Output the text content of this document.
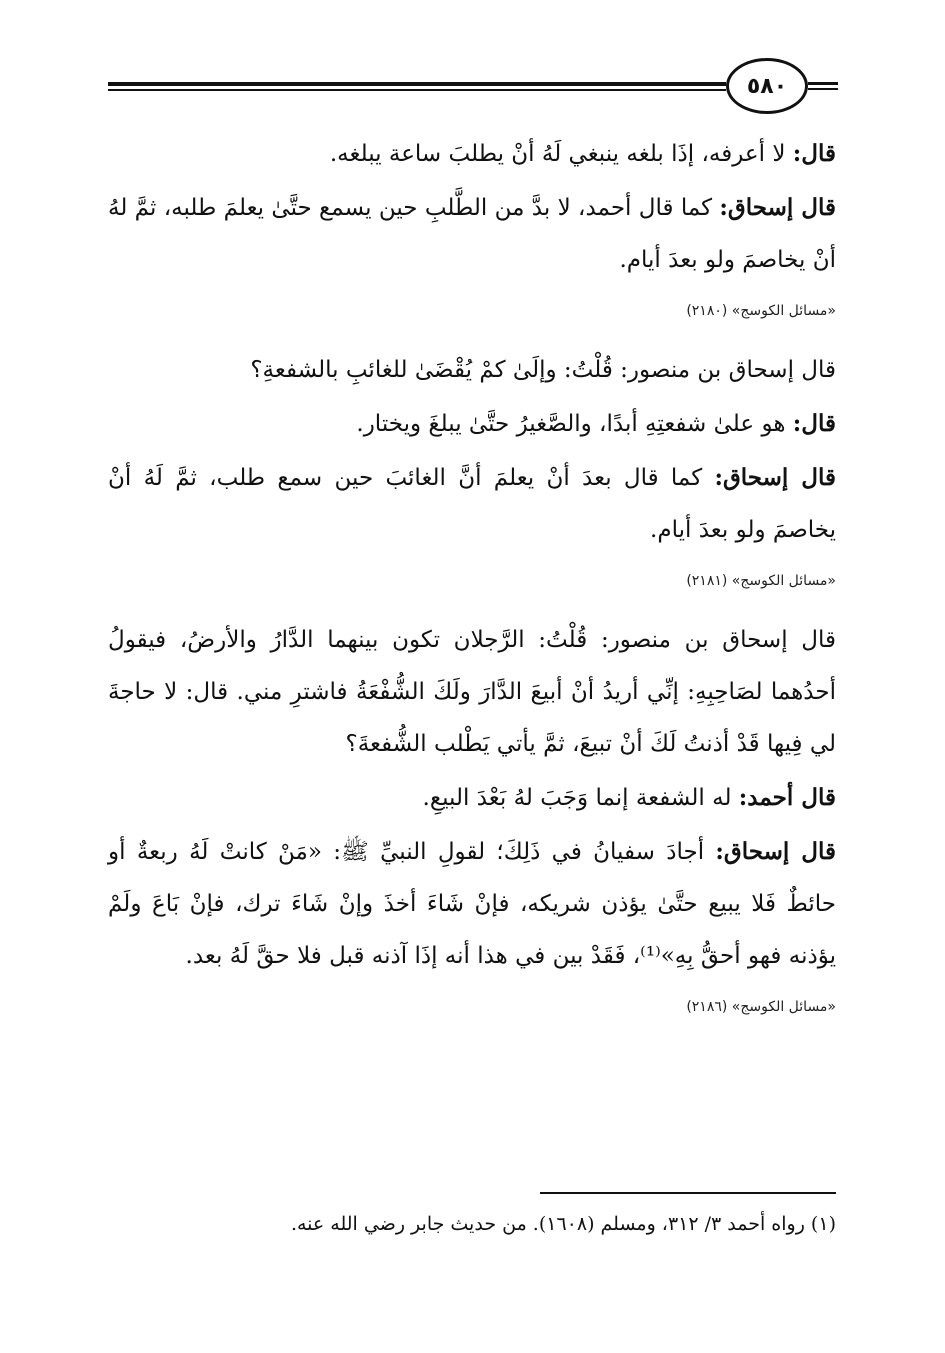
٥٨٠

قال: لا أعرفه، إذَا بلغه ينبغي لَهُ أنْ يطلبَ ساعة يبلغه.

قال إسحاق: كما قال أحمد، لا بدَّ من الطَّلبِ حين يسمع حتَّىٰ يعلمَ طلبه، ثمَّ لهُ أنْ يخاصمَ ولو بعدَ أيام.

«مسائل الكوسج» (٢١٨٠)

قال إسحاق بن منصور: قُلْتُ: وإلَىٰ كمْ يُقْضَىٰ للغائبِ بالشفعةِ؟

قال: هو علىٰ شفعتِهِ أبدًا، والصَّغيرُ حتَّىٰ يبلغَ ويختار.

قال إسحاق: كما قال بعدَ أنْ يعلمَ أنَّ الغائبَ حين سمع طلب، ثمَّ لَهُ أنْ يخاصمَ ولو بعدَ أيام.

«مسائل الكوسج» (٢١٨١)

قال إسحاق بن منصور: قُلْتُ: الرَّجلان تكون بينهما الدَّارُ والأرضُ، فيقولُ أحدُهما لصَاحِبِهِ: إنِّي أريدُ أنْ أبيعَ الدَّارَ ولَكَ الشُّفْعَةُ فاشترِ مني. قال: لا حاجةَ لي فِيها قَدْ أذنتُ لَكَ أنْ تبيعَ، ثمَّ يأتي يَطْلب الشُّفعةَ؟

قال أحمد: له الشفعة إنما وَجَبَ لهُ بَعْدَ البيعِ.

قال إسحاق: أجادَ سفيانُ في ذَلِكَ؛ لقولِ النبيِّ ﷺ: «مَنْ كانتْ لَهُ ربعةٌ أو حائطٌ فَلا يبيع حتَّىٰ يؤذن شريكه، فإنْ شَاءَ أخذَ وإنْ شَاءَ ترك، فإنْ بَاعَ ولَمْ يؤذنه فهو أحقُّ بِهِ»⁽¹⁾، فَقَدْ بين في هذا أنه إذَا آذنه قبل فلا حقَّ لَهُ بعد.

«مسائل الكوسج» (٢١٨٦)
(١) رواه أحمد ٣/ ٣١٢، ومسلم (١٦٠٨). من حديث جابر رضي الله عنه.
